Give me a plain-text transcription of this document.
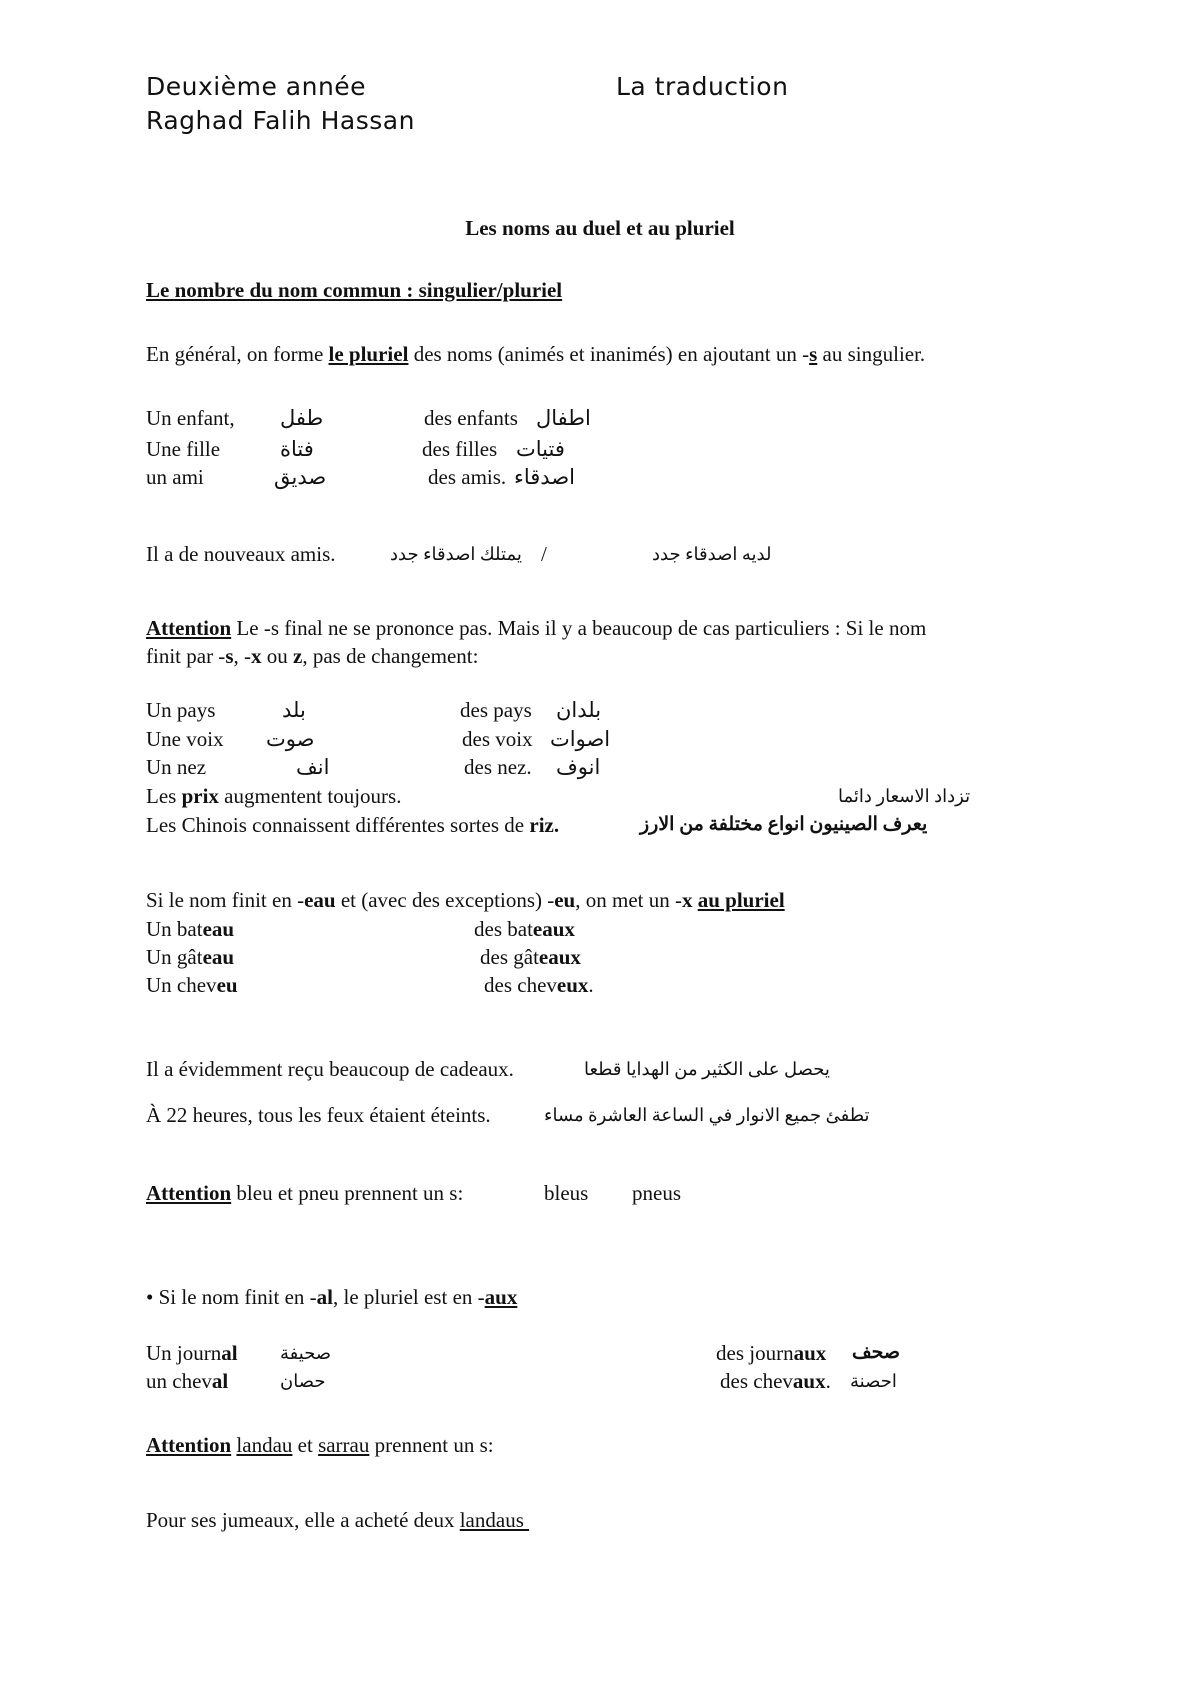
Deuxième année	La traduction
Raghad Falih Hassan
Les noms au duel et au pluriel
Le nombre du nom commun : singulier/pluriel
En général, on forme le pluriel des noms (animés et inanimés) en ajoutant un -s au singulier.
Un enfant, طفل	des enfants اطفال
Une fille	فتاة	des filles فتيات
un ami	صديق	des amis. اصدقاء
Il a de nouveaux amis.	يمتلك اصدقاء جدد /	لديه اصدقاء جدد
Attention Le -s final ne se prononce pas. Mais il y a beaucoup de cas particuliers : Si le nom
finit par -s, -x ou z, pas de changement:
Un pays	بلد	des pays بلدان
Une voix صوت	des voix اصوات
Un nez	انف	des nez. انوف
Les prix augmentent toujours.	تزداد الاسعار دائما
Les Chinois connaissent différentes sortes de riz.	يعرف الصينيون انواع مختلفة من الارز
Si le nom finit en -eau et (avec des exceptions) -eu, on met un -x au pluriel
Un bateau	des bateaux
Un gâteau	des gâteaux
Un cheveu	des cheveux.
Il a évidemment reçu beaucoup de cadeaux.	يحصل على الكثير من الهدايا قطعا
À 22 heures, tous les feux étaient éteints.	تطفئ جميع الانوار في الساعة العاشرة مساء
Attention bleu et pneu prennent un s:	bleus pneus
• Si le nom finit en -al, le pluriel est en -aux
Un journal صحيفة	des journaux صحف
un cheval	حصان	des chevaux. احصنة
Attention landau et sarrau prennent un s:
Pour ses jumeaux, elle a acheté deux landaus
